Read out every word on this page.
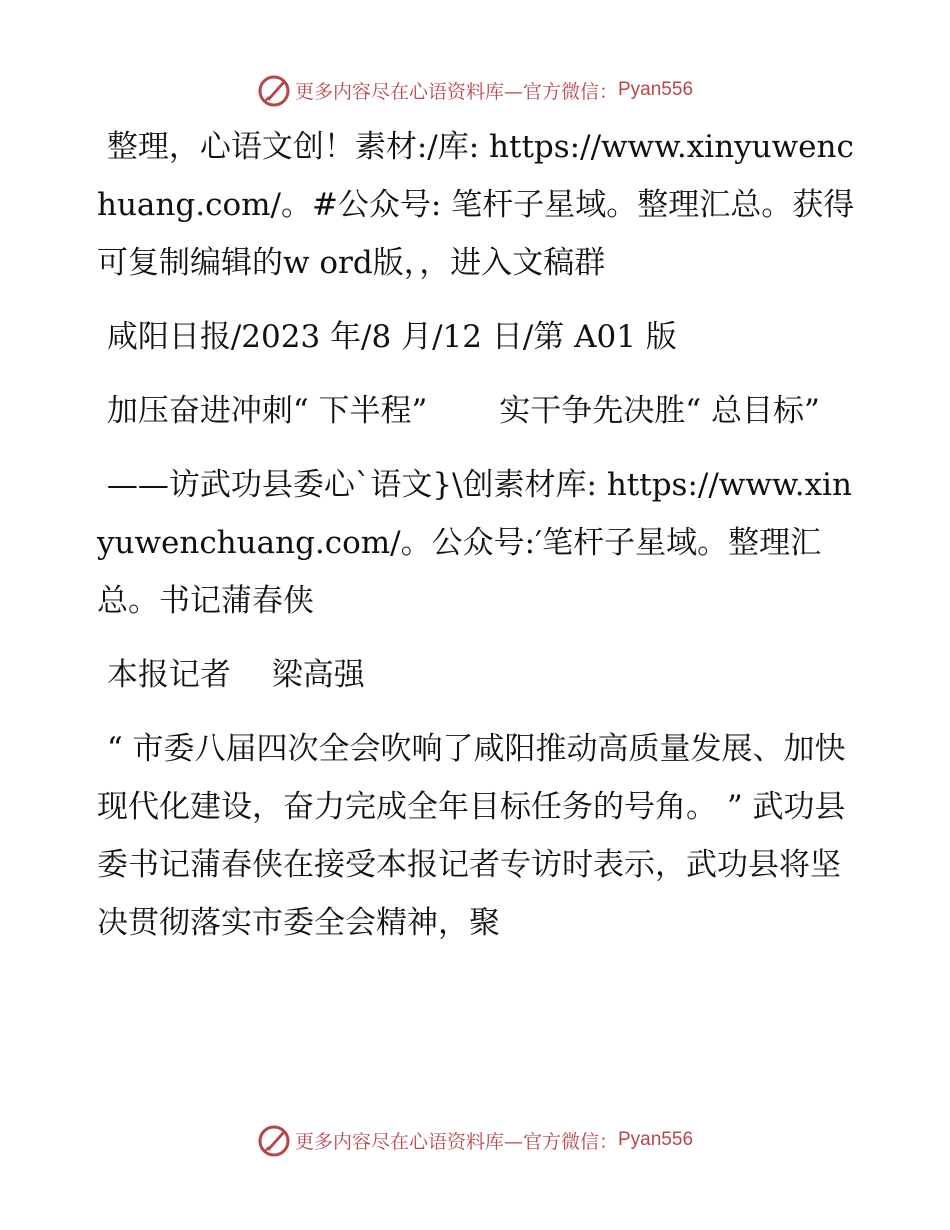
更多内容尽在心语资料库—官方微信： Pyan556

整理，心语文创！素材:/库: https://www.xinyuwenchuang.com/。#公众号: 笔杆子星域。整理汇总。获得可复制编辑的w ord版，，进入文稿群

咸阳日报/2023 年/8 月/12 日/第 A01 版

加压奋进冲刺“ 下半程”　　 实干争先决胜“ 总目标”

——访武功县委心`语文}\创素材库: https://www.xinyuwenchuang.com/。公众号:′笔杆子星域。整理汇总。书记蒲春侠

本报记者　 梁高强

“ 市委八届四次全会吹响了咸阳推动高质量发展、加快现代化建设，奋力完成全年目标任务的号角。 ” 武功县委书记蒲春侠在接受本报记者专访时表示，武功县将坚决贯彻落实市委全会精神，聚

更多内容尽在心语资料库—官方微信： Pyan556
